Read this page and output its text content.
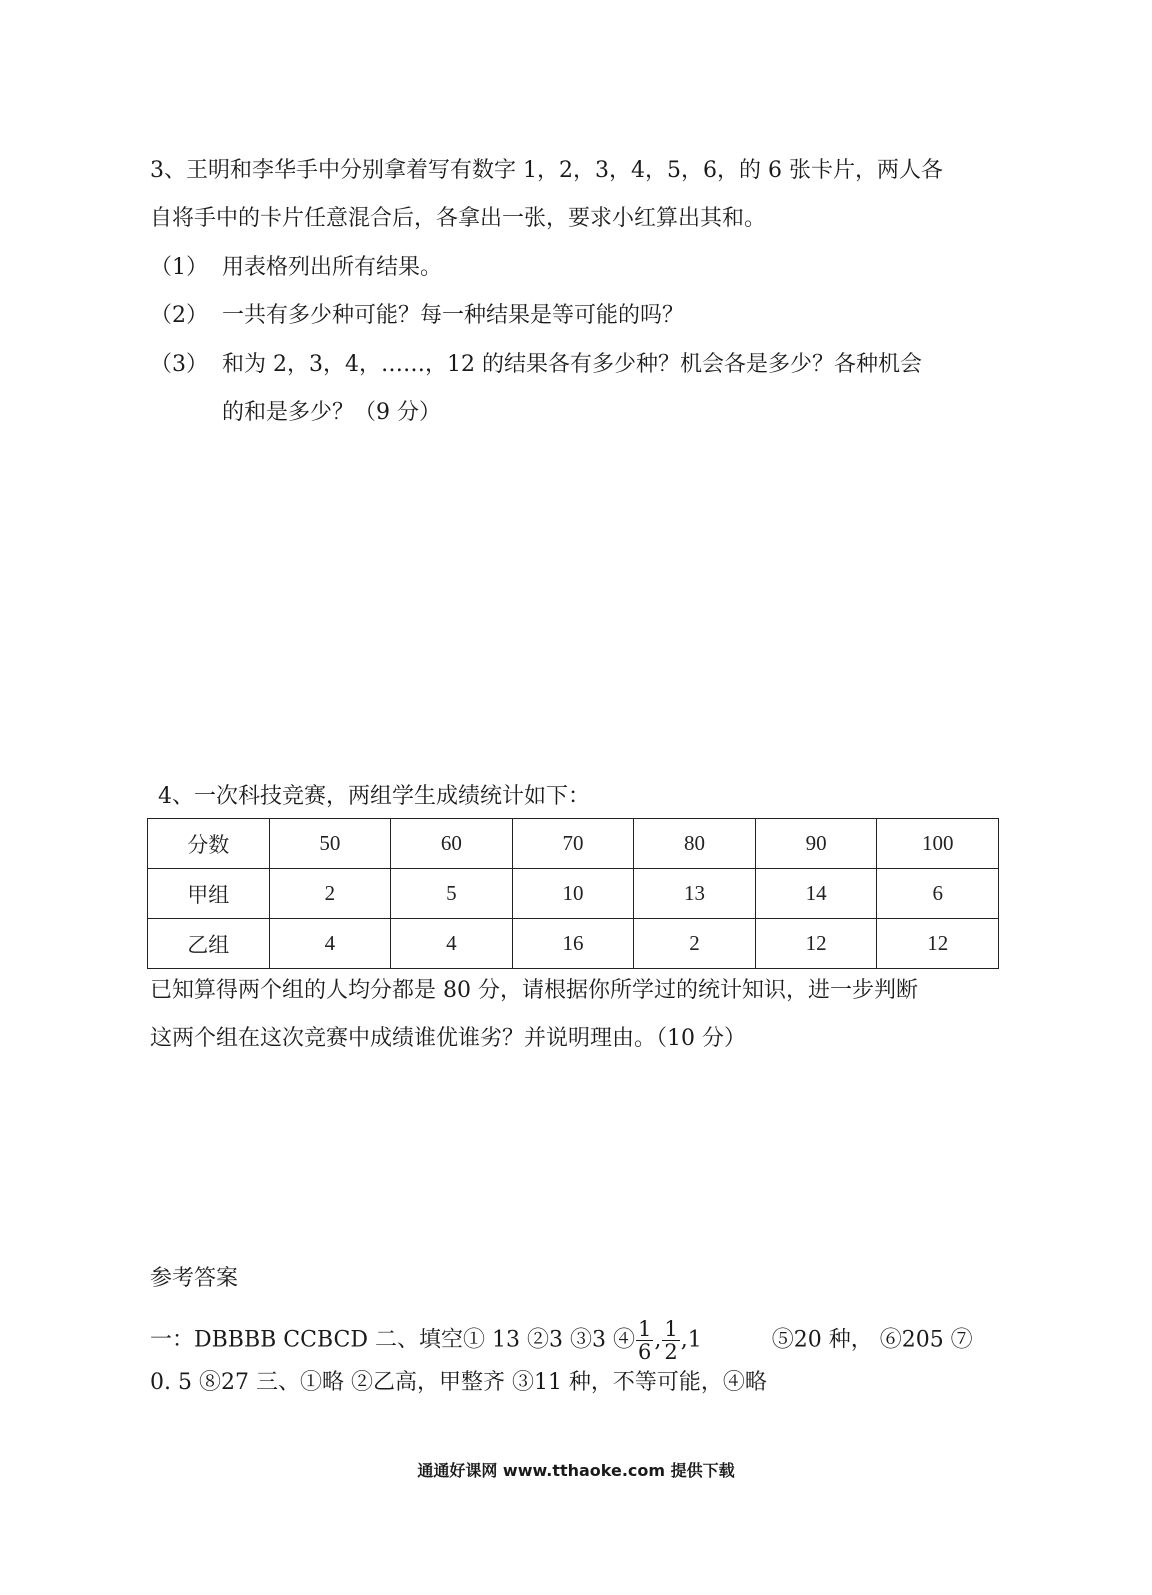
3、王明和李华手中分别拿着写有数字 1，2，3，4，5，6，的 6 张卡片，两人各
自将手中的卡片任意混合后，各拿出一张，要求小红算出其和。
（1） 用表格列出所有结果。
（2） 一共有多少种可能？每一种结果是等可能的吗？
（3） 和为 2，3，4，……，12 的结果各有多少种？机会各是多少？各种机会
的和是多少？（9 分）
4、一次科技竞赛，两组学生成绩统计如下：
分数	50	60	70	80	90	100
甲组	2	5	10	13	14	6
乙组	4	4	16	2	12	12
已知算得两个组的人均分都是 80 分，请根据你所学过的统计知识，进一步判断
这两个组在这次竞赛中成绩谁优谁劣？并说明理由。（10 分）
参考答案
一：DBBBB CCBCD 二、填空① 13 ②3 ③3 ④ $\frac{1}{6}$ , $\frac{1}{2} ,1$	⑤20 种， ⑥205 ⑦
0. 5 ⑧27 三、①略 ②乙高，甲整齐 ③11 种，不等可能，④略
通通好课网 www.tthaoke.com 提供下载
